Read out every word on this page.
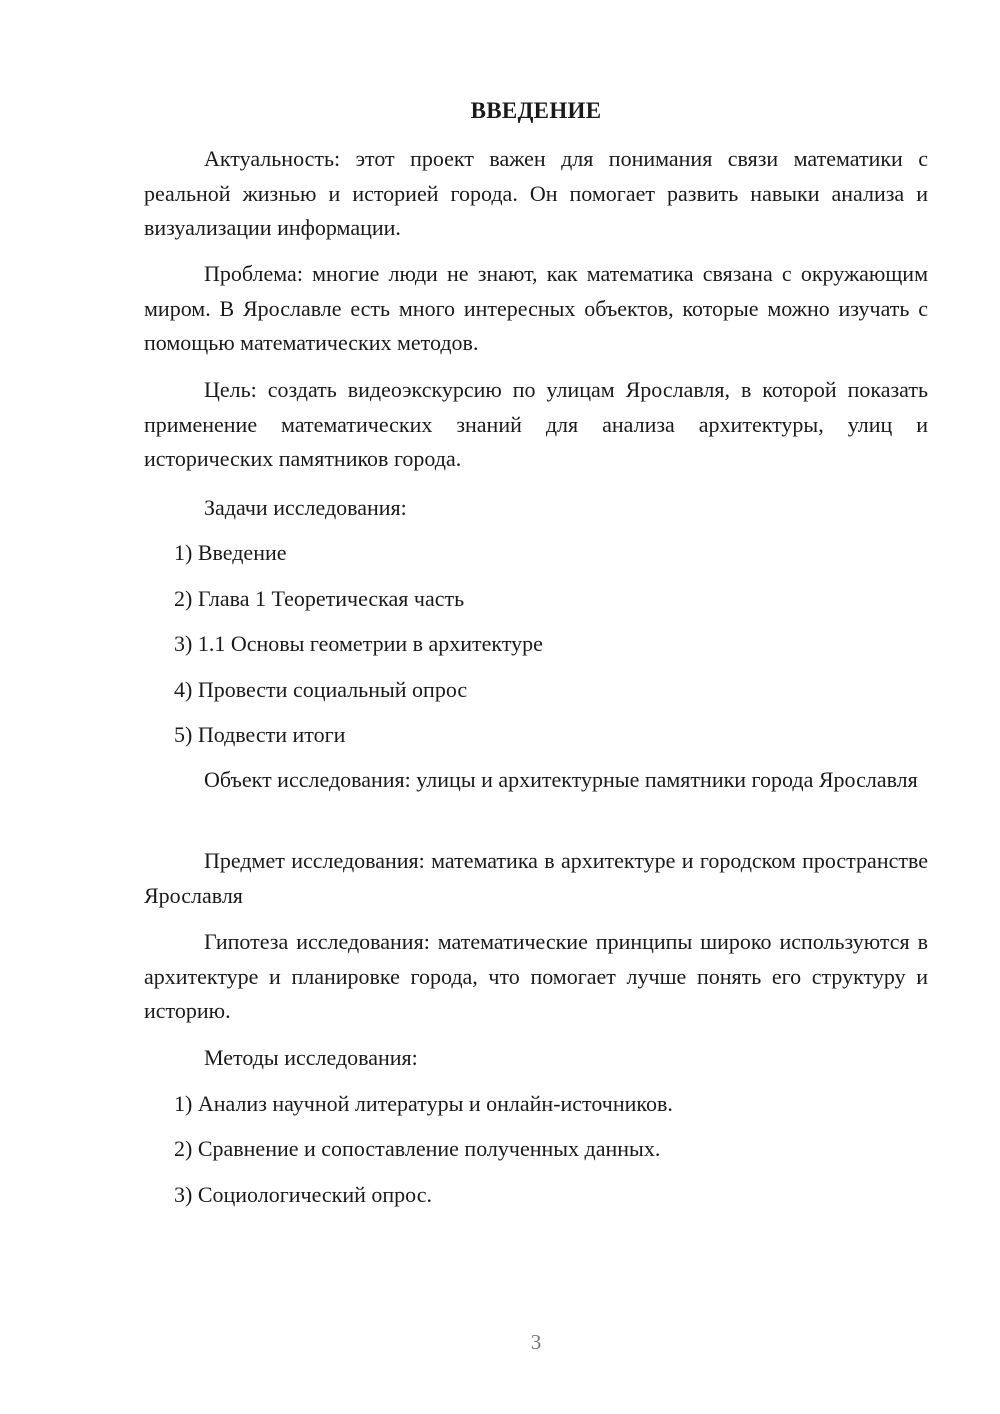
ВВЕДЕНИЕ

Актуальность: этот проект важен для понимания связи математики с реальной жизнью и историей города. Он помогает развить навыки анализа и визуализации информации.

Проблема: многие люди не знают, как математика связана с окружающим миром. В Ярославле есть много интересных объектов, которые можно изучать с помощью математических методов.

Цель: создать видеоэкскурсию по улицам Ярославля, в которой показать применение математических знаний для анализа архитектуры, улиц и исторических памятников города.

Задачи исследования:
1) Введение
2) Глава 1 Теоретическая часть
3) 1.1 Основы геометрии в архитектуре
4) Провести социальный опрос
5) Подвести итоги

Объект исследования: улицы и архитектурные памятники города Ярославля

Предмет исследования: математика в архитектуре и городском пространстве Ярославля

Гипотеза исследования: математические принципы широко используются в архитектуре и планировке города, что помогает лучше понять его структуру и историю.

Методы исследования:
1) Анализ научной литературы и онлайн-источников.
2) Сравнение и сопоставление полученных данных.
3) Социологический опрос.
3
